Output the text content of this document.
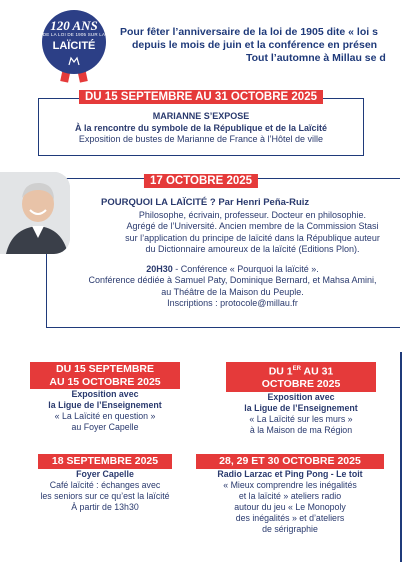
120 ANS
DE LA LOI DE 1905 SUR LA
LAÏCITÉ
Pour fêter l’anniversaire de la loi de 1905 dite « loi s
depuis le mois de juin et la conférence en présen
Tout l’automne à Millau se d
MARIANNE S’EXPOSE
À la rencontre du symbole de la République et de la Laïcité
Exposition de bustes de Marianne de France à l’Hôtel de ville
DU 15 SEPTEMBRE AU 31 OCTOBRE 2025
POURQUOI LA LAÏCITÉ ? Par Henri Peña-Ruiz
Philosophe, écrivain, professeur. Docteur en philosophie.
Agrégé de l’Université. Ancien membre de la Commission Stasi
sur l’application du principe de laïcité dans la République auteur
du Dictionnaire amoureux de la laïcité (Editions Plon).
20H30 - Conférence « Pourquoi la laïcité ».
Conférence dédiée à Samuel Paty, Dominique Bernard, et Mahsa Amini,
au Théâtre de la Maison du Peuple.
Inscriptions : protocole@millau.fr
17 OCTOBRE 2025
DU 15 SEPTEMBRE
AU 15 OCTOBRE 2025
Exposition avec
la Ligue de l’Enseignement
« La Laïcité en question »
au Foyer Capelle
DU 1ER AU 31
OCTOBRE 2025
Exposition avec
la Ligue de l’Enseignement
« La Laïcité sur les murs »
à la Maison de ma Région
18 SEPTEMBRE 2025
Foyer Capelle
Café laïcité : échanges avec
les seniors sur ce qu’est la laïcité
À partir de 13h30
28, 29 ET 30 OCTOBRE 2025
Radio Larzac et Ping Pong - Le toit
« Mieux comprendre les inégalités
et la laïcité » ateliers radio
autour du jeu « Le Monopoly
des inégalités » et d’ateliers
de sérigraphie
